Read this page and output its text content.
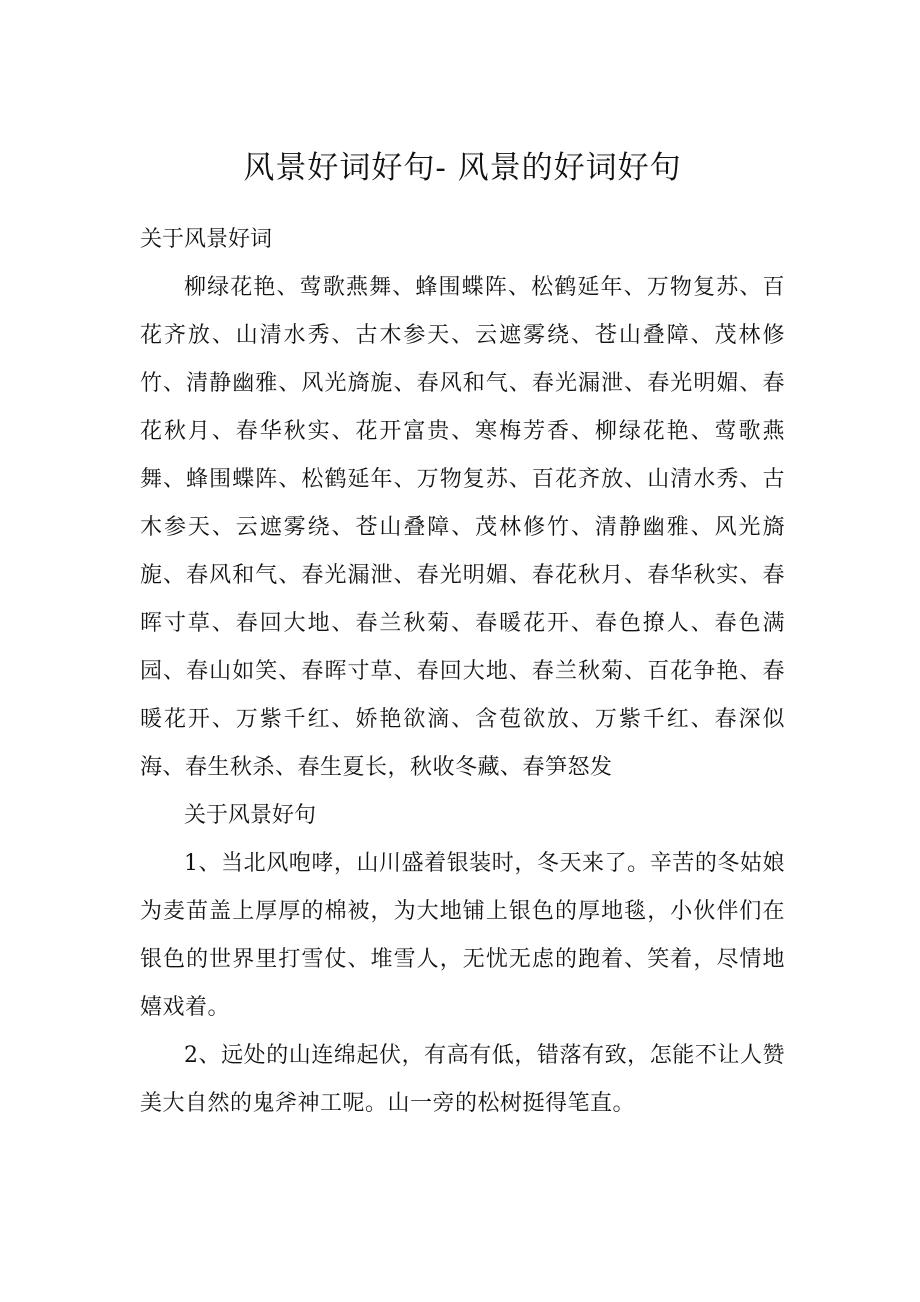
风景好词好句- 风景的好词好句

关于风景好词

柳绿花艳、莺歌燕舞、蜂围蝶阵、松鹤延年、万物复苏、百花齐放、山清水秀、古木参天、云遮雾绕、苍山叠障、茂林修竹、清静幽雅、风光旖旎、春风和气、春光漏泄、春光明媚、春花秋月、春华秋实、花开富贵、寒梅芳香、柳绿花艳、莺歌燕舞、蜂围蝶阵、松鹤延年、万物复苏、百花齐放、山清水秀、古木参天、云遮雾绕、苍山叠障、茂林修竹、清静幽雅、风光旖旎、春风和气、春光漏泄、春光明媚、春花秋月、春华秋实、春晖寸草、春回大地、春兰秋菊、春暖花开、春色撩人、春色满园、春山如笑、春晖寸草、春回大地、春兰秋菊、百花争艳、春暖花开、万紫千红、娇艳欲滴、含苞欲放、万紫千红、春深似海、春生秋杀、春生夏长，秋收冬藏、春笋怒发

关于风景好句

1、当北风咆哮，山川盛着银装时，冬天来了。辛苦的冬姑娘为麦苗盖上厚厚的棉被，为大地铺上银色的厚地毯，小伙伴们在银色的世界里打雪仗、堆雪人，无忧无虑的跑着、笑着，尽情地嬉戏着。

2、远处的山连绵起伏，有高有低，错落有致，怎能不让人赞美大自然的鬼斧神工呢。山一旁的松树挺得笔直。
